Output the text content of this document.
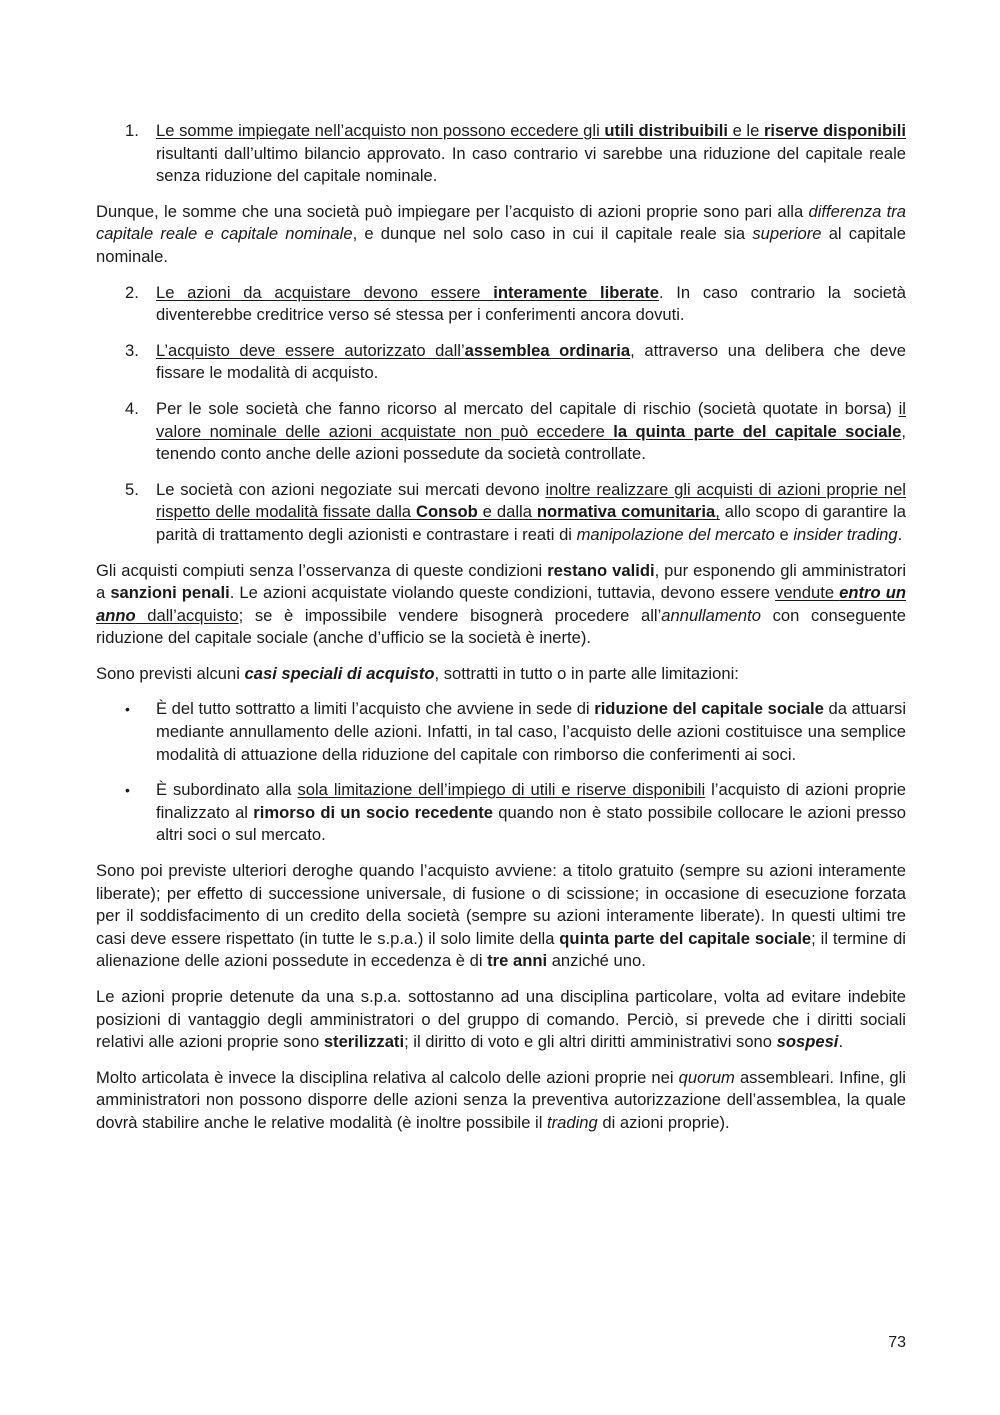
1. Le somme impiegate nell’acquisto non possono eccedere gli utili distribuibili e le riserve disponibili risultanti dall’ultimo bilancio approvato. In caso contrario vi sarebbe una riduzione del capitale reale senza riduzione del capitale nominale.

Dunque, le somme che una società può impiegare per l’acquisto di azioni proprie sono pari alla differenza tra capitale reale e capitale nominale, e dunque nel solo caso in cui il capitale reale sia superiore al capitale nominale.

2. Le azioni da acquistare devono essere interamente liberate. In caso contrario la società diventerebbe creditrice verso sé stessa per i conferimenti ancora dovuti.
3. L’acquisto deve essere autorizzato dall’assemblea ordinaria, attraverso una delibera che deve fissare le modalità di acquisto.
4. Per le sole società che fanno ricorso al mercato del capitale di rischio (società quotate in borsa) il valore nominale delle azioni acquistate non può eccedere la quinta parte del capitale sociale, tenendo conto anche delle azioni possedute da società controllate.
5. Le società con azioni negoziate sui mercati devono inoltre realizzare gli acquisti di azioni proprie nel rispetto delle modalità fissate dalla Consob e dalla normativa comunitaria, allo scopo di garantire la parità di trattamento degli azionisti e contrastare i reati di manipolazione del mercato e insider trading.

Gli acquisti compiuti senza l’osservanza di queste condizioni restano validi, pur esponendo gli amministratori a sanzioni penali. Le azioni acquistate violando queste condizioni, tuttavia, devono essere vendute entro un anno dall’acquisto; se è impossibile vendere bisognerà procedere all’annullamento con conseguente riduzione del capitale sociale (anche d’ufficio se la società è inerte).

Sono previsti alcuni casi speciali di acquisto, sottratti in tutto o in parte alle limitazioni:

• È del tutto sottratto a limiti l’acquisto che avviene in sede di riduzione del capitale sociale da attuarsi mediante annullamento delle azioni. Infatti, in tal caso, l’acquisto delle azioni costituisce una semplice modalità di attuazione della riduzione del capitale con rimborso die conferimenti ai soci.
• È subordinato alla sola limitazione dell’impiego di utili e riserve disponibili l’acquisto di azioni proprie finalizzato al rimorso di un socio recedente quando non è stato possibile collocare le azioni presso altri soci o sul mercato.

Sono poi previste ulteriori deroghe quando l’acquisto avviene: a titolo gratuito (sempre su azioni interamente liberate); per effetto di successione universale, di fusione o di scissione; in occasione di esecuzione forzata per il soddisfacimento di un credito della società (sempre su azioni interamente liberate). In questi ultimi tre casi deve essere rispettato (in tutte le s.p.a.) il solo limite della quinta parte del capitale sociale; il termine di alienazione delle azioni possedute in eccedenza è di tre anni anziché uno.

Le azioni proprie detenute da una s.p.a. sottostanno ad una disciplina particolare, volta ad evitare indebite posizioni di vantaggio degli amministratori o del gruppo di comando. Perciò, si prevede che i diritti sociali relativi alle azioni proprie sono sterilizzati; il diritto di voto e gli altri diritti amministrativi sono sospesi.

Molto articolata è invece la disciplina relativa al calcolo delle azioni proprie nei quorum assembleari. Infine, gli amministratori non possono disporre delle azioni senza la preventiva autorizzazione dell’assemblea, la quale dovrà stabilire anche le relative modalità (è inoltre possibile il trading di azioni proprie).

73
